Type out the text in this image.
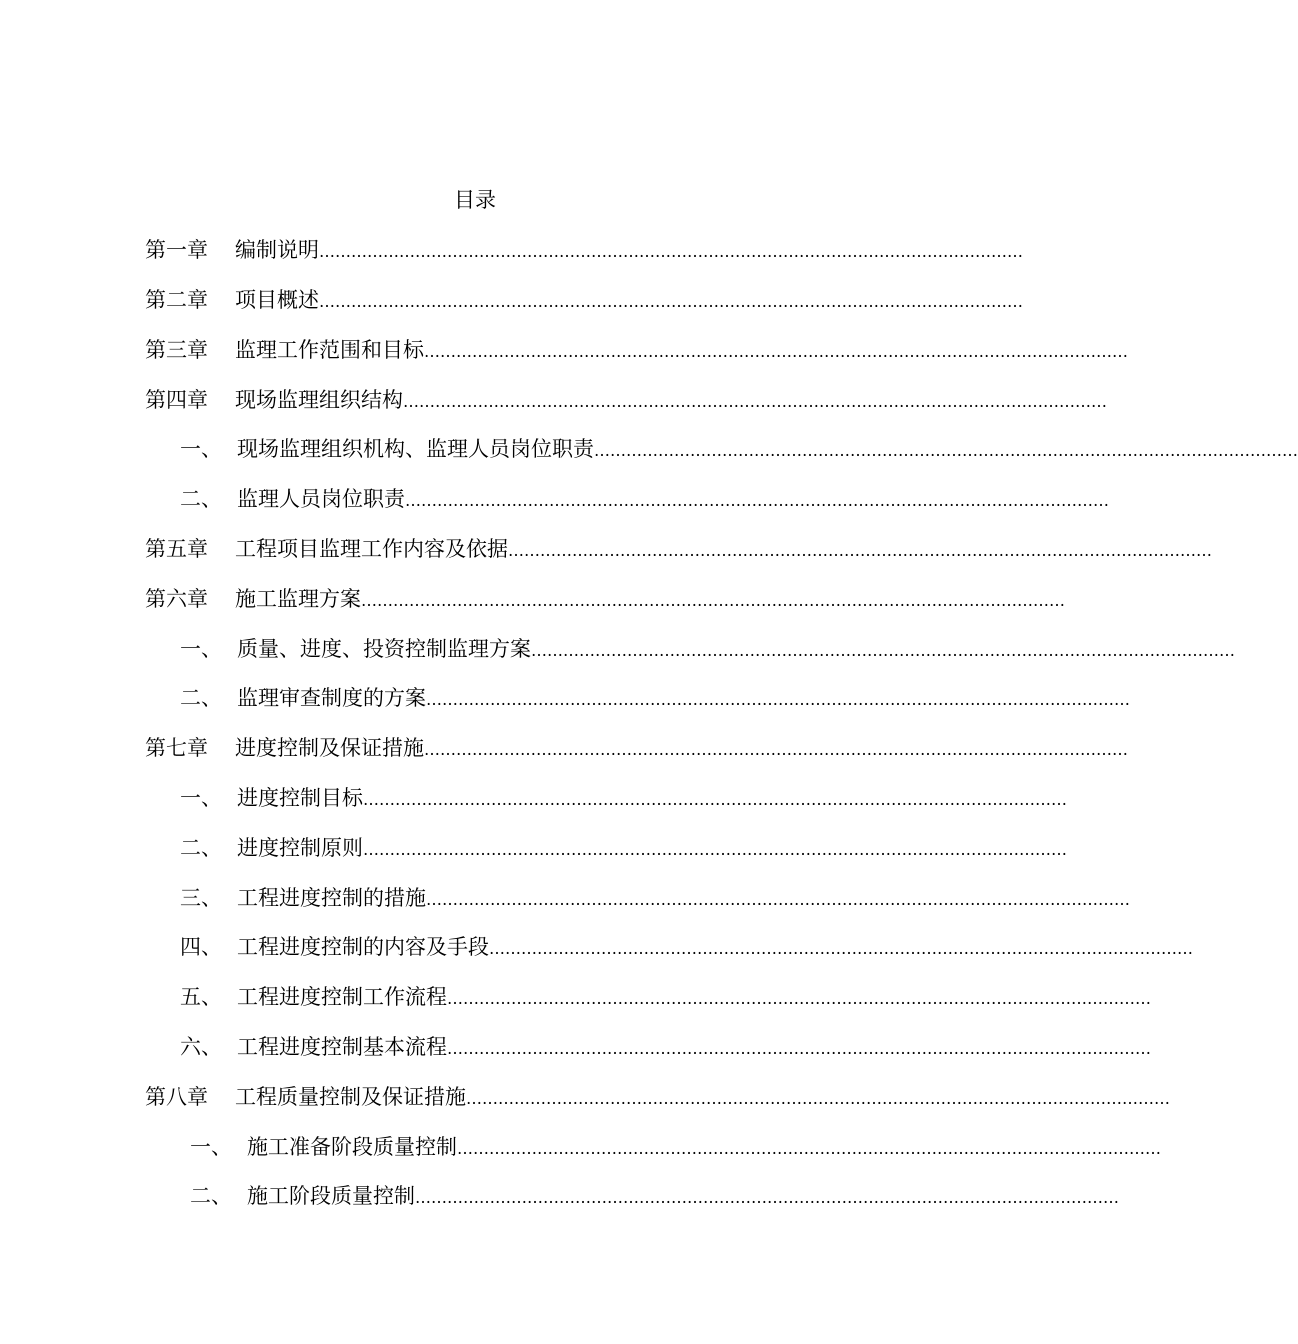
目录
第一章	编制说明 ……………………………………………………………………………………………………………………
第二章	项目概述 ……………………………………………………………………………………………………………………
第三章	监理工作范围和目标 ……………………………………………………………………………………………………………………
第四章	现场监理组织结构 ……………………………………………………………………………………………………………………
一、 现场监理组织机构、监理人员岗位职责 ……………………………………………………………………………………………………………………
二、 监理人员岗位职责 ……………………………………………………………………………………………………………………
第五章	工程项目监理工作内容及依据 ……………………………………………………………………………………………………………………
第六章	施工监理方案 ……………………………………………………………………………………………………………………
一、 质量、进度、投资控制监理方案 ……………………………………………………………………………………………………………………
二、 监理审查制度的方案 ……………………………………………………………………………………………………………………
第七章	进度控制及保证措施 ……………………………………………………………………………………………………………………
一、 进度控制目标 ……………………………………………………………………………………………………………………
二、 进度控制原则 ……………………………………………………………………………………………………………………
三、 工程进度控制的措施 ……………………………………………………………………………………………………………………
四、 工程进度控制的内容及手段 ……………………………………………………………………………………………………………………
五、 工程进度控制工作流程 ……………………………………………………………………………………………………………………
六、 工程进度控制基本流程 ……………………………………………………………………………………………………………………
第八章	工程质量控制及保证措施 ……………………………………………………………………………………………………………………
一、 施工准备阶段质量控制 ……………………………………………………………………………………………………………………
二、 施工阶段质量控制 ……………………………………………………………………………………………………………………
